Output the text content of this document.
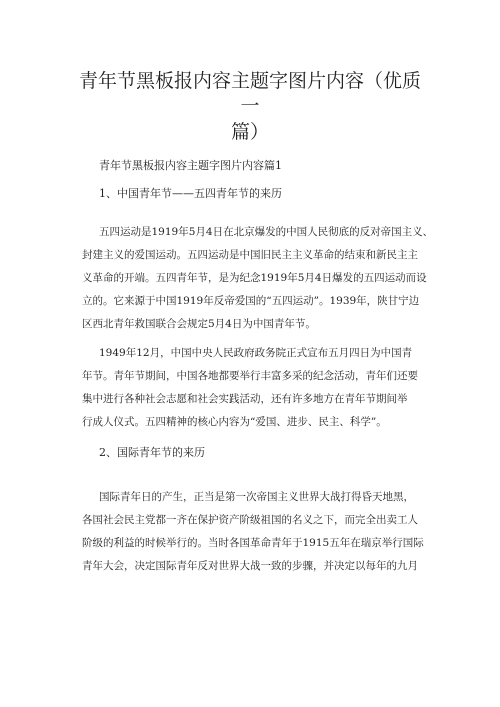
青年节黑板报内容主题字图片内容（优质
一
篇）
青年节黑板报内容主题字图片内容篇1
1、中国青年节——五四青年节的来历
五四运动是1919年5月4日在北京爆发的中国人民彻底的反对帝国主义、
封建主义的爱国运动。五四运动是中国旧民主主义革命的结束和新民主主
义革命的开端。五四青年节，是为纪念1919年5月4日爆发的五四运动而设
立的。它来源于中国1919年反帝爱国的“五四运动”。1939年，陕甘宁边
区西北青年救国联合会规定5月4日为中国青年节。
1949年12月，中国中央人民政府政务院正式宣布五月四日为中国青
年节。青年节期间，中国各地都要举行丰富多采的纪念活动，青年们还要
集中进行各种社会志愿和社会实践活动，还有许多地方在青年节期间举
行成人仪式。五四精神的核心内容为“爱国、进步、民主、科学”。
2、国际青年节的来历
国际青年日的产生，正当是第一次帝国主义世界大战打得昏天地黑，
各国社会民主党都一齐在保护资产阶级祖国的名义之下，而完全出卖工人
阶级的利益的时候举行的。当时各国革命青年于1915五年在瑞京举行国际
青年大会，决定国际青年反对世界大战一致的步骤，并决定以每年的九月
